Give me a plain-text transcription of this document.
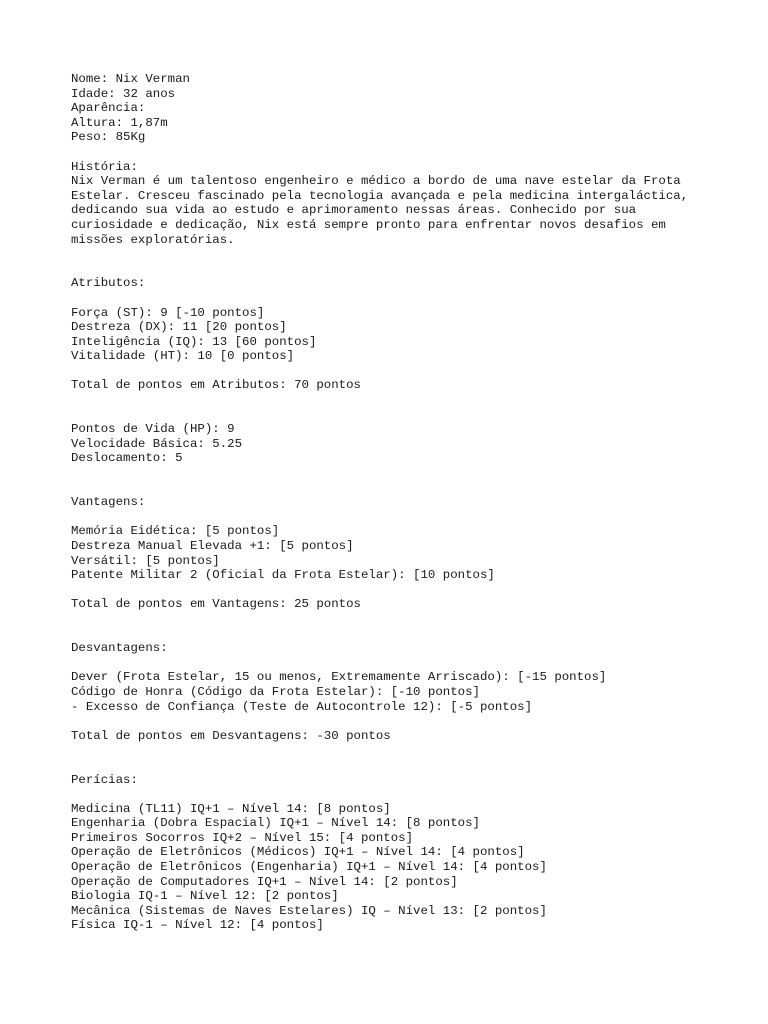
Nome: Nix Verman
Idade: 32 anos
Aparência:
Altura: 1,87m
Peso: 85Kg
História:
Nix Verman é um talentoso engenheiro e médico a bordo de uma nave estelar da Frota
Estelar. Cresceu fascinado pela tecnologia avançada e pela medicina intergaláctica,
dedicando sua vida ao estudo e aprimoramento nessas áreas. Conhecido por sua
curiosidade e dedicação, Nix está sempre pronto para enfrentar novos desafios em
missões exploratórias.
Atributos:
Força (ST): 9 [-10 pontos]
Destreza (DX): 11 [20 pontos]
Inteligência (IQ): 13 [60 pontos]
Vitalidade (HT): 10 [0 pontos]
Total de pontos em Atributos: 70 pontos
Pontos de Vida (HP): 9
Velocidade Básica: 5.25
Deslocamento: 5
Vantagens:
Memória Eidética: [5 pontos]
Destreza Manual Elevada +1: [5 pontos]
Versátil: [5 pontos]
Patente Militar 2 (Oficial da Frota Estelar): [10 pontos]
Total de pontos em Vantagens: 25 pontos
Desvantagens:
Dever (Frota Estelar, 15 ou menos, Extremamente Arriscado): [-15 pontos]
Código de Honra (Código da Frota Estelar): [-10 pontos]
- Excesso de Confiança (Teste de Autocontrole 12): [-5 pontos]
Total de pontos em Desvantagens: -30 pontos
Perícias:
Medicina (TL11) IQ+1 – Nível 14: [8 pontos]
Engenharia (Dobra Espacial) IQ+1 – Nível 14: [8 pontos]
Primeiros Socorros IQ+2 – Nível 15: [4 pontos]
Operação de Eletrônicos (Médicos) IQ+1 – Nível 14: [4 pontos]
Operação de Eletrônicos (Engenharia) IQ+1 – Nível 14: [4 pontos]
Operação de Computadores IQ+1 – Nível 14: [2 pontos]
Biologia IQ-1 – Nível 12: [2 pontos]
Mecânica (Sistemas de Naves Estelares) IQ – Nível 13: [2 pontos]
Física IQ-1 – Nível 12: [4 pontos]
